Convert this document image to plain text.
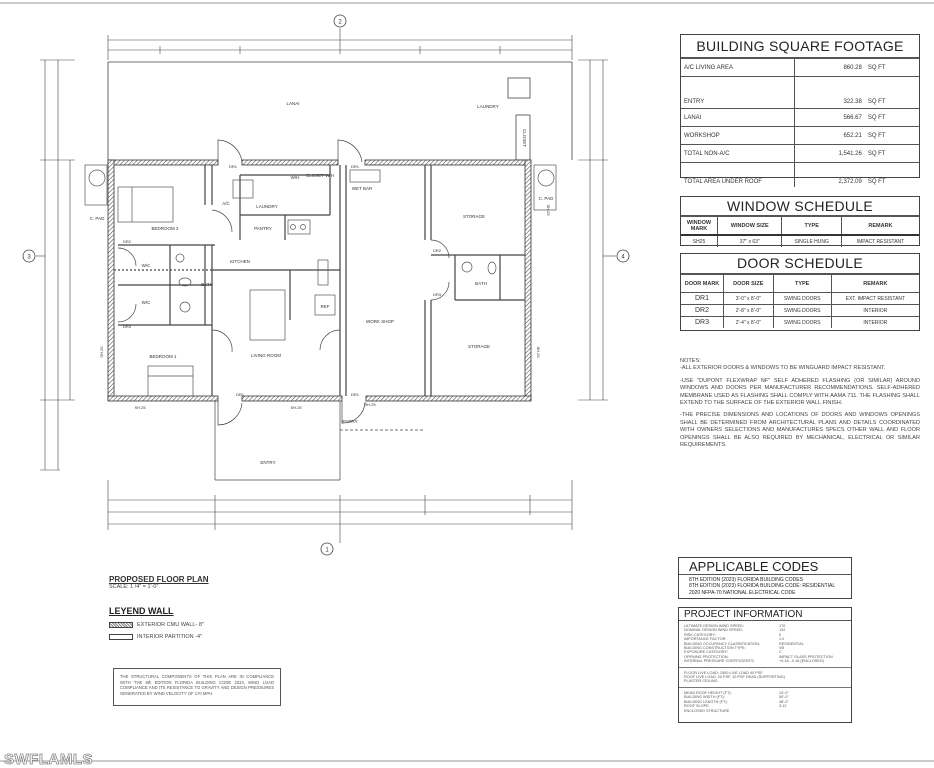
1
2
3	4
LANAI
LAUNDRY
CLOSET
BEDROOM 2
W/C
W/C
BATH
KITCHEN
LAUNDRY
PANTRY
W/H CLOSET W/H
A/C
REF
WET BAR
STORAGE
STORAGE
BATH
WORK SHOP
BEDROOM 1	LIVING ROOM
ENTRY
ENTRY
C. PAD
C. PAD
DR1	DR1
DR1	DR1
DR2
DR2
DR3
DR3
SH.25	SH.25
SH.25
SH.25	SH.25
SH.25
BUILDING SQUARE FOOTAGE
A/C LIVING AREA	860.28	SQ FT
ENTRY	322.38	SQ FT
LANAI	566.67	SQ FT
WORKSHOP	652.21	SQ FT
TOTAL NON-A/C	1,541.26	SQ FT
TOTAL AREA UNDER ROOF	2,372.09	SQ FT
WINDOW SCHEDULE
WINDOW MARK	WINDOW SIZE	TYPE	REMARK
SH25	37" x 63"	SINGLE HUNG	IMPACT RESISTANT
DOOR SCHEDULE
DOOR MARK	DOOR SIZE	TYPE	REMARK
DR1	3'-0" x 8'-0"	SWING DOORS	EXT. IMPACT RESISTANT
DR2	2'-8" x 8'-0"	SWING DOORS	INTERIOR
DR3	2'-4" x 8'-0"	SWING DOORS	INTERIOR
NOTES:

-ALL EXTERIOR DOORS & WINDOWS TO BE WINGUARD IMPACT RESISTANT.

-USE "DUPONT FLEXWRAP NF" SELF ADHERED FLASHING (OR SIMILAR) AROUND WINDOWS AND DOORS PER MANUFACTURER RECOMMENDATIONS. SELF-ADHERED MEMBRANE USED AS FLASHING SHALL COMPLY WITH AAMA 711. THE FLASHING SHALL EXTEND TO THE SURFACE OF THE EXTERIOR WALL FINISH.

-THE PRECISE DIMENSIONS AND LOCATIONS OF DOORS AND WINDOWS OPENINGS SHALL BE DETERMINED FROM ARCHITECTURAL PLANS AND DETAILS COORDINATED WITH OWNERS SELECTIONS AND MANUFACTURES SPECS OTHER WALL AND FLOOR OPENINGS SHALL BE ALSO REQUIRED BY MECHANICAL, ELECTRICAL OR SIMILAR REQUIREMENTS.

APPLICABLE CODES
8TH EDITION (2023) FLORIDA BUILDING CODES
8TH EDITION (2023) FLORIDA BUILDING CODE: RESIDENTIAL
2020 NFPA-70 NATIONAL ELECTRICAL CODE
PROJECT INFORMATION
ULTIMATE DESIGN WIND SPEED:	170
NOMINAL DESIGN WIND SPEED:	132
RISK CATEGORY:	II
IMPORTANCE FACTOR:	1.0
BUILDING OCCUPANCY CLASSIFICATION:	RESIDENTIAL
BUILDING CONSTRUCTION TYPE:	VB
EXPOSURE CATEGORY:	C
OPENING PROTECTION:	IMPACT GLASS PROTECTION
INTERNAL PRESSURE COEFFICIENTS:	+0.18, -0.18 (ENCLOSED)
FLOOR LIVE LOAD: 1500 LIVE LOAD 40 PSF
ROOF LIVE LOAD: 20 PSF, 10 PSF DEAD (SUPPORTING)
PLASTER CEILING
MEAN ROOF HEIGHT (FT):	14'-0"
BUILDING WIDTH (FT):	50'-0"
BUILDING LENGTH (FT):	48'-0"
ROOF SLOPE:	3:12
ENCLOSED STRUCTURE
PROPOSED FLOOR PLAN
SCALE: 1 /4" = 1'-0"
LEYEND WALL
EXTERIOR CMU WALL- 8"
INTERIOR PARTITION -4"
THE STRUCTURAL COMPONENTS OF THIS PLAN ARE IN COMPLIANCE WITH THE 8th EDITION FLORIDA BUILDING CODE 2023, WIND LOAD COMPLIANCE AND ITS RESISTANCE TO GRAVITY AND DESIGN PRESSURES GENERATED BY WIND VELOCITY OF 170 MPH.
SWFLAMLS
